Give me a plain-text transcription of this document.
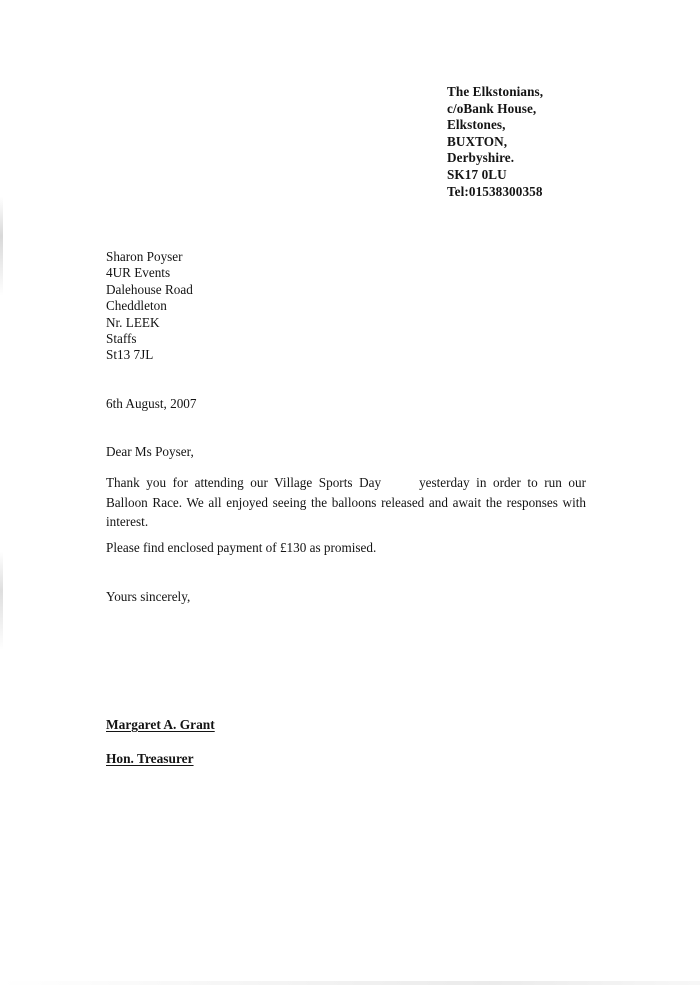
The Elkstonians,
c/oBank House,
Elkstones,
BUXTON,
Derbyshire.
SK17 0LU
Tel:01538300358
Sharon Poyser
4UR Events
Dalehouse Road
Cheddleton
Nr. LEEK
Staffs
St13 7JL
6th August, 2007
Dear Ms Poyser,
Thank you for attending our Village Sports Day	yesterday in order to run our Balloon Race. We all enjoyed seeing the balloons released and await the responses with interest.
Please find enclosed payment of £130 as promised.
Yours sincerely,
Margaret A. Grant
Hon. Treasurer
